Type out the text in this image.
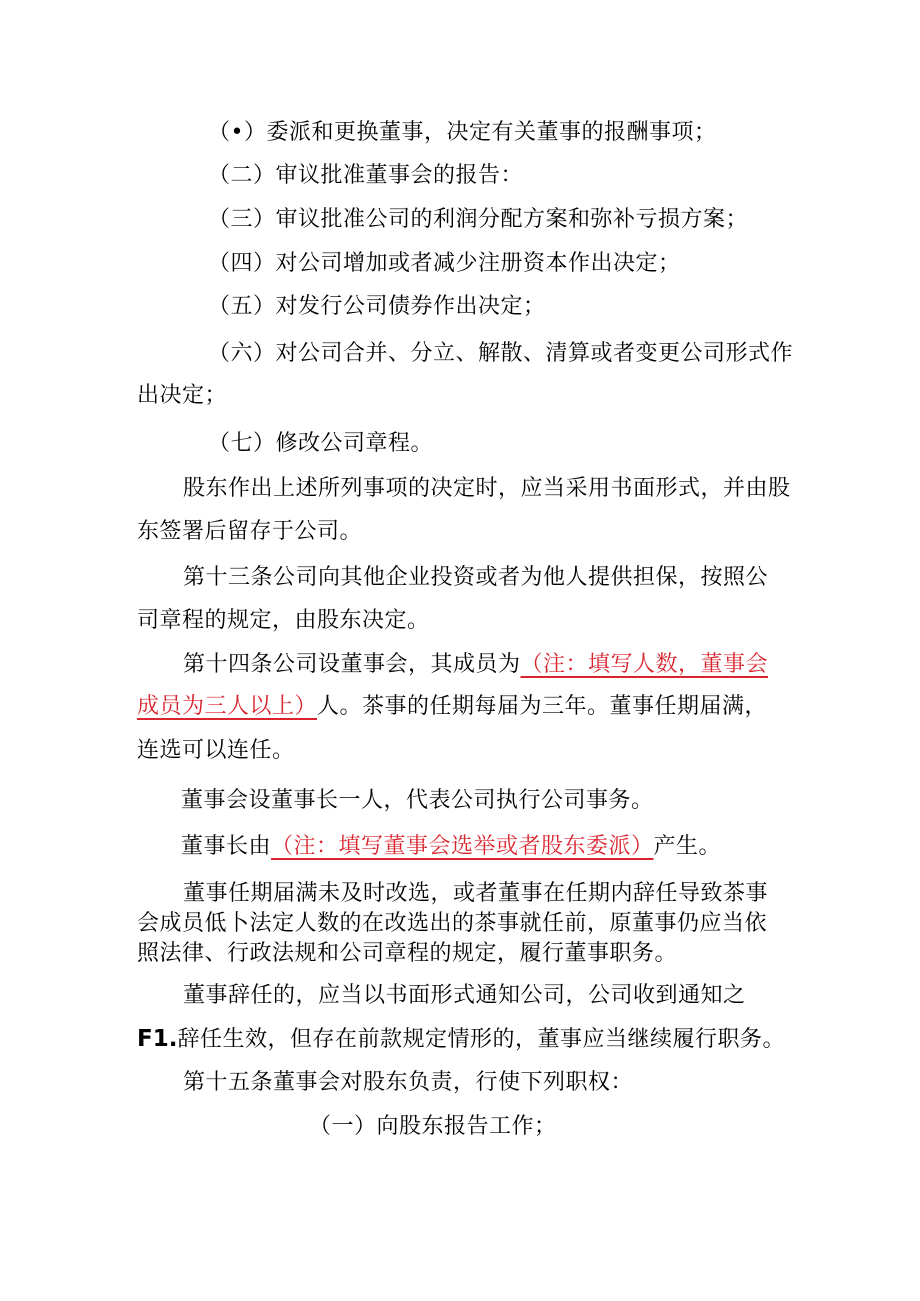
（•）委派和更换董事，决定有关董事的报酬事项；
（二）审议批准董事会的报告：
（三）审议批准公司的利润分配方案和弥补亏损方案；
（四）对公司增加或者减少注册资本作出决定；
（五）对发行公司债券作出决定；
（六）对公司合并、分立、解散、清算或者变更公司形式作
出决定；
（七）修改公司章程。
股东作出上述所列事项的决定时，应当采用书面形式，并由股
东签署后留存于公司。
第十三条公司向其他企业投资或者为他人提供担保，按照公
司章程的规定，由股东决定。
第十四条公司设董事会，其成员为（注：填写人数，董事会
成员为三人以上）人。茶事的任期每届为三年。董事任期届满，
连选可以连任。
董事会设董事长一人，代表公司执行公司事务。
董事长由（注：填写董事会选举或者股东委派）产生。
董事任期届满未及时改选，或者董事在任期内辞任导致茶事
会成员低卜法定人数的在改选出的茶事就任前，原董事仍应当依
照法律、行政法规和公司章程的规定，履行董事职务。
董事辞任的，应当以书面形式通知公司，公司收到通知之
F1.辞任生效，但存在前款规定情形的，董事应当继续履行职务。
第十五条董事会对股东负责，行使下列职权：
（一）向股东报告工作；
